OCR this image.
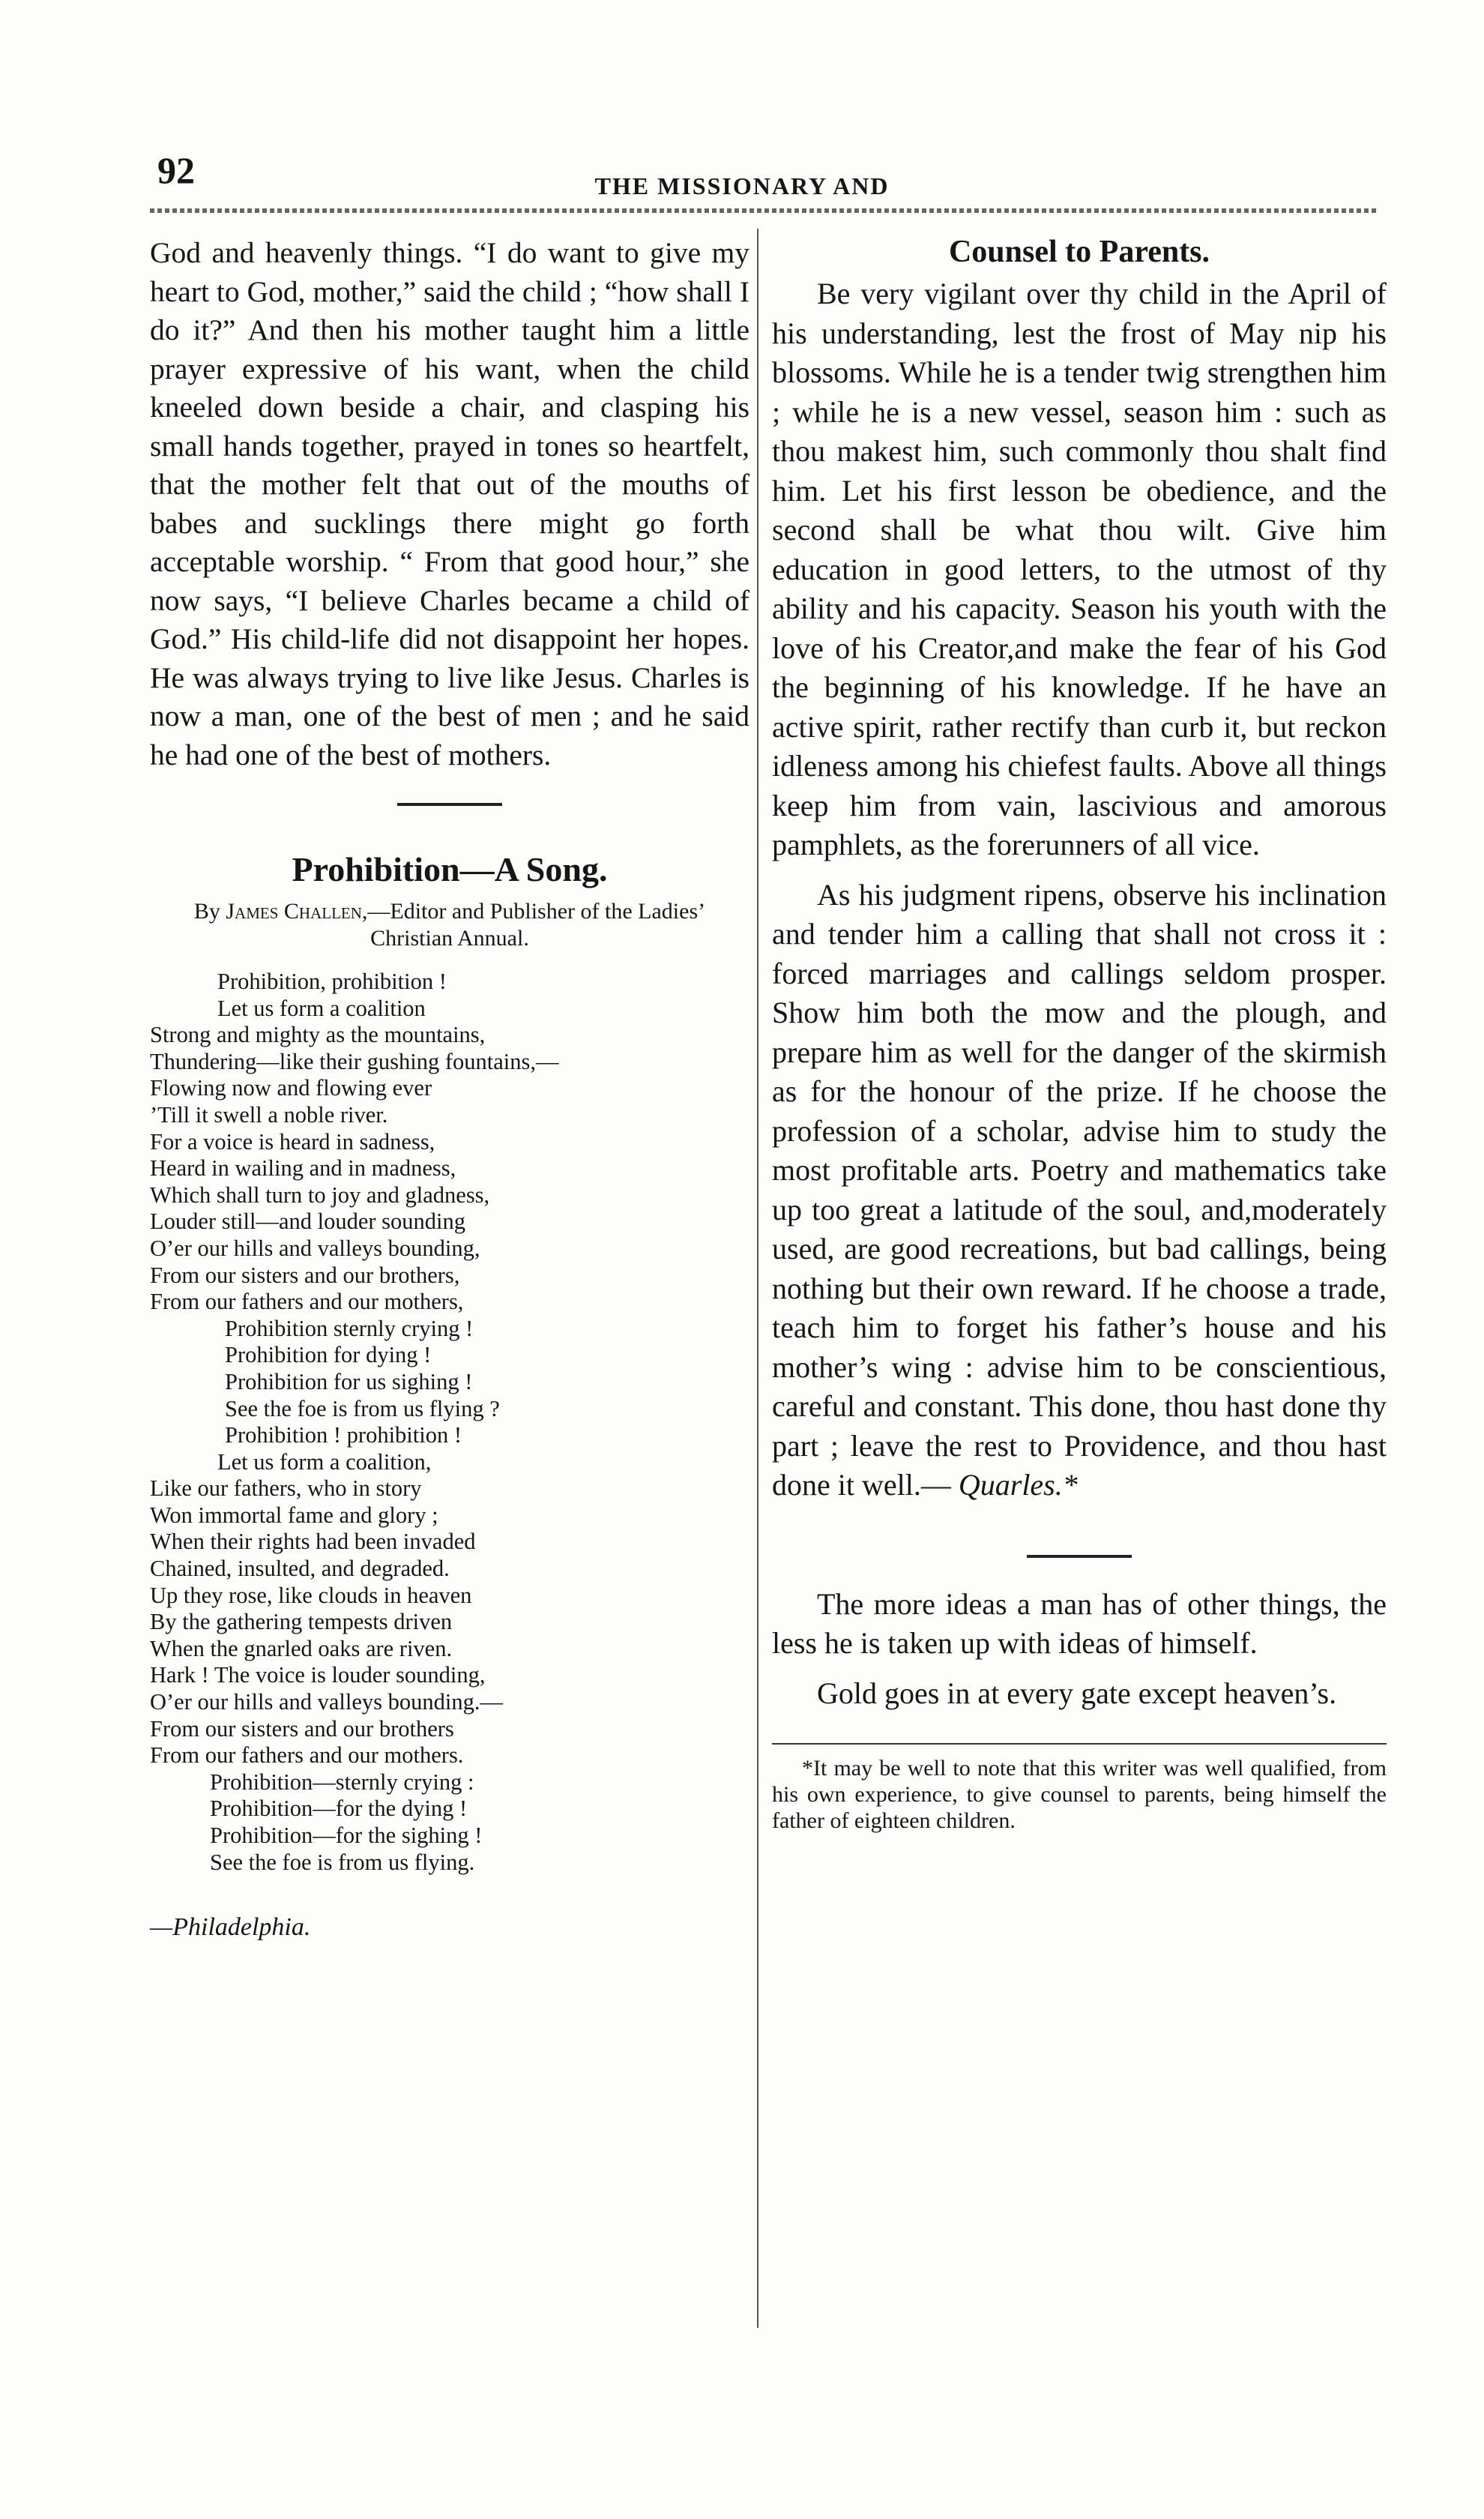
92	THE MISSIONARY AND

God and heavenly things. “I do want to give my heart to God, mother,” said the child ; “how shall I do it?” And then his mother taught him a little prayer expressive of his want, when the child kneeled down beside a chair, and clasping his small hands together, prayed in tones so heartfelt, that the mother felt that out of the mouths of babes and sucklings there might go forth acceptable worship. “ From that good hour,” she now says, “I believe Charles became a child of God.” His child-life did not disappoint her hopes. He was always trying to live like Jesus. Charles is now a man, one of the best of men ; and he said he had one of the best of mothers.

Prohibition—A Song.
By James Challen,—Editor and Publisher of the Ladies’ Christian Annual.
Prohibition, prohibition !
Let us form a coalition
Strong and mighty as the mountains,
Thundering—like their gushing fountains,—
Flowing now and flowing ever
’Till it swell a noble river.
For a voice is heard in sadness,
Heard in wailing and in madness,
Which shall turn to joy and gladness,
Louder still—and louder sounding
O’er our hills and valleys bounding,
From our sisters and our brothers,
From our fathers and our mothers,
Prohibition sternly crying !
Prohibition for dying !
Prohibition for us sighing !
See the foe is from us flying ?
Prohibition ! prohibition !
Let us form a coalition,
Like our fathers, who in story
Won immortal fame and glory ;
When their rights had been invaded
Chained, insulted, and degraded.
Up they rose, like clouds in heaven
By the gathering tempests driven
When the gnarled oaks are riven.
Hark ! The voice is louder sounding,
O’er our hills and valleys bounding.—
From our sisters and our brothers
From our fathers and our mothers.
Prohibition—sternly crying :
Prohibition—for the dying !
Prohibition—for the sighing !
See the foe is from us flying.
—Philadelphia.
Counsel to Parents.

Be very vigilant over thy child in the April of his understanding, lest the frost of May nip his blossoms. While he is a tender twig strengthen him ; while he is a new vessel, season him : such as thou makest him, such commonly thou shalt find him. Let his first lesson be obedience, and the second shall be what thou wilt. Give him education in good letters, to the utmost of thy ability and his capacity. Season his youth with the love of his Creator,and make the fear of his God the beginning of his knowledge. If he have an active spirit, rather rectify than curb it, but reckon idleness among his chiefest faults. Above all things keep him from vain, lascivious and amorous pamphlets, as the forerunners of all vice.

As his judgment ripens, observe his inclination and tender him a calling that shall not cross it : forced marriages and callings seldom prosper. Show him both the mow and the plough, and prepare him as well for the danger of the skirmish as for the honour of the prize. If he choose the profession of a scholar, advise him to study the most profitable arts. Poetry and mathematics take up too great a latitude of the soul, and,moderately used, are good recreations, but bad callings, being nothing but their own reward. If he choose a trade, teach him to forget his father’s house and his mother’s wing : advise him to be conscientious, careful and constant. This done, thou hast done thy part ; leave the rest to Providence, and thou hast done it well.— Quarles.*

The more ideas a man has of other things, the less he is taken up with ideas of himself.

Gold goes in at every gate except heaven’s.

*It may be well to note that this writer was well qualified, from his own experience, to give counsel to parents, being himself the father of eighteen children.
